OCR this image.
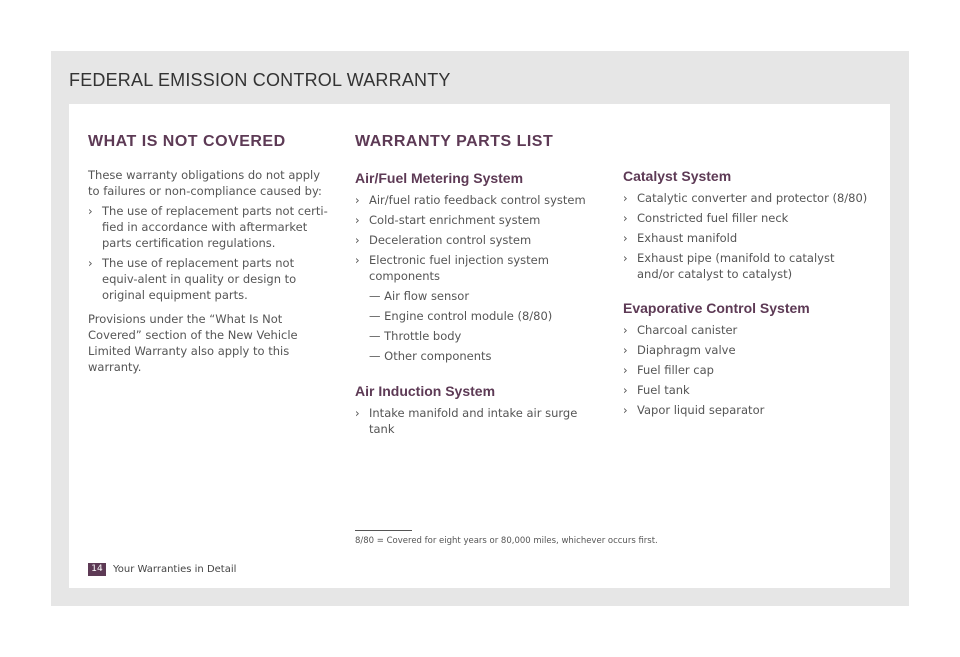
FEDERAL EMISSION CONTROL WARRANTY
WHAT IS NOT COVERED

These warranty obligations do not apply to failures or non-compliance caused by:

› The use of replacement parts not certi-fied in accordance with aftermarket parts certification regulations.
› The use of replacement parts not equiv-alent in quality or design to original equipment parts.

Provisions under the “What Is Not Covered” section of the New Vehicle Limited Warranty also apply to this warranty.

WARRANTY PARTS LIST
Air/Fuel Metering System
› Air/fuel ratio feedback control system
› Cold-start enrichment system
› Deceleration control system
› Electronic fuel injection system components
— Air flow sensor
— Engine control module (8/80)
— Throttle body
— Other components
Air Induction System
› Intake manifold and intake air surge tank
Catalyst System
› Catalytic converter and protector (8/80)
› Constricted fuel filler neck
› Exhaust manifold
› Exhaust pipe (manifold to catalyst and/or catalyst to catalyst)
Evaporative Control System
› Charcoal canister
› Diaphragm valve
› Fuel filler cap
› Fuel tank
› Vapor liquid separator
8/80 = Covered for eight years or 80,000 miles, whichever occurs first.
14	Your Warranties in Detail
